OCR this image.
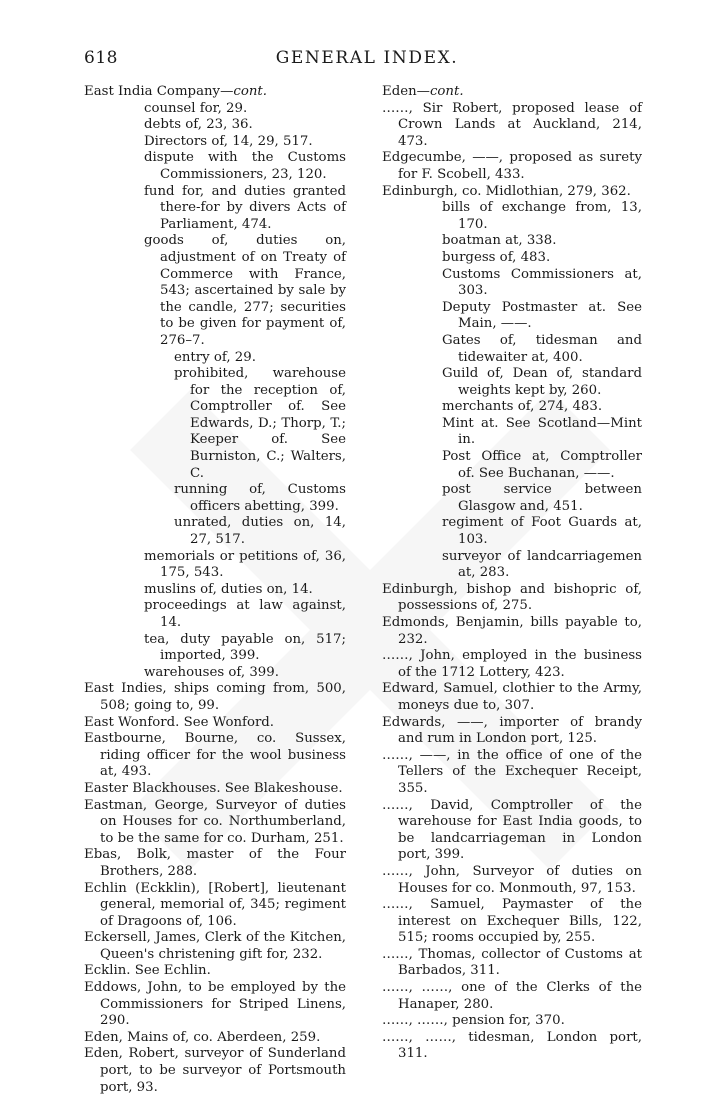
618	GENERAL INDEX.
East India Company—cont.
counsel for, 29.
debts of, 23, 36.
Directors of, 14, 29, 517.
dispute with the Customs Commissioners, 23, 120.
fund for, and duties granted there-for by divers Acts of Parliament, 474.
goods of, duties on, adjustment of on Treaty of Commerce with France, 543; ascertained by sale by the candle, 277; securities to be given for payment of, 276–7.
entry of, 29.
prohibited, warehouse for the reception of, Comptroller of. See Edwards, D.; Thorp, T.; Keeper of. See Burniston, C.; Walters, C.
running of, Customs officers abetting, 399.
unrated, duties on, 14, 27, 517.
memorials or petitions of, 36, 175, 543.
muslins of, duties on, 14.
proceedings at law against, 14.
tea, duty payable on, 517; imported, 399.
warehouses of, 399.
East Indies, ships coming from, 500, 508; going to, 99.
East Wonford. See Wonford.
Eastbourne, Bourne, co. Sussex, riding officer for the wool business at, 493.
Easter Blackhouses. See Blakeshouse.
Eastman, George, Surveyor of duties on Houses for co. Northumberland, to be the same for co. Durham, 251.
Ebas, Bolk, master of the Four Brothers, 288.
Echlin (Eckklin), [Robert], lieutenant general, memorial of, 345; regiment of Dragoons of, 106.
Eckersell, James, Clerk of the Kitchen, Queen's christening gift for, 232.
Ecklin. See Echlin.
Eddows, John, to be employed by the Commissioners for Striped Linens, 290.
Eden, Mains of, co. Aberdeen, 259.
Eden, Robert, surveyor of Sunderland port, to be surveyor of Portsmouth port, 93.
Eden—cont.
……, Sir Robert, proposed lease of Crown Lands at Auckland, 214, 473.
Edgecumbe, ——, proposed as surety for F. Scobell, 433.
Edinburgh, co. Midlothian, 279, 362.
bills of exchange from, 13, 170.
boatman at, 338.
burgess of, 483.
Customs Commissioners at, 303.
Deputy Postmaster at. See Main, ——.
Gates of, tidesman and tidewaiter at, 400.
Guild of, Dean of, standard weights kept by, 260.
merchants of, 274, 483.
Mint at. See Scotland—Mint in.
Post Office at, Comptroller of. See Buchanan, ——.
post service between Glasgow and, 451.
regiment of Foot Guards at, 103.
surveyor of landcarriagemen at, 283.
Edinburgh, bishop and bishopric of, possessions of, 275.
Edmonds, Benjamin, bills payable to, 232.
……, John, employed in the business of the 1712 Lottery, 423.
Edward, Samuel, clothier to the Army, moneys due to, 307.
Edwards, ——, importer of brandy and rum in London port, 125.
……, ——, in the office of one of the Tellers of the Exchequer Receipt, 355.
……, David, Comptroller of the warehouse for East India goods, to be landcarriageman in London port, 399.
……, John, Surveyor of duties on Houses for co. Monmouth, 97, 153.
……, Samuel, Paymaster of the interest on Exchequer Bills, 122, 515; rooms occupied by, 255.
……, Thomas, collector of Customs at Barbados, 311.
……, ……, one of the Clerks of the Hanaper, 280.
……, ……, pension for, 370.
……, ……, tidesman, London port, 311.
